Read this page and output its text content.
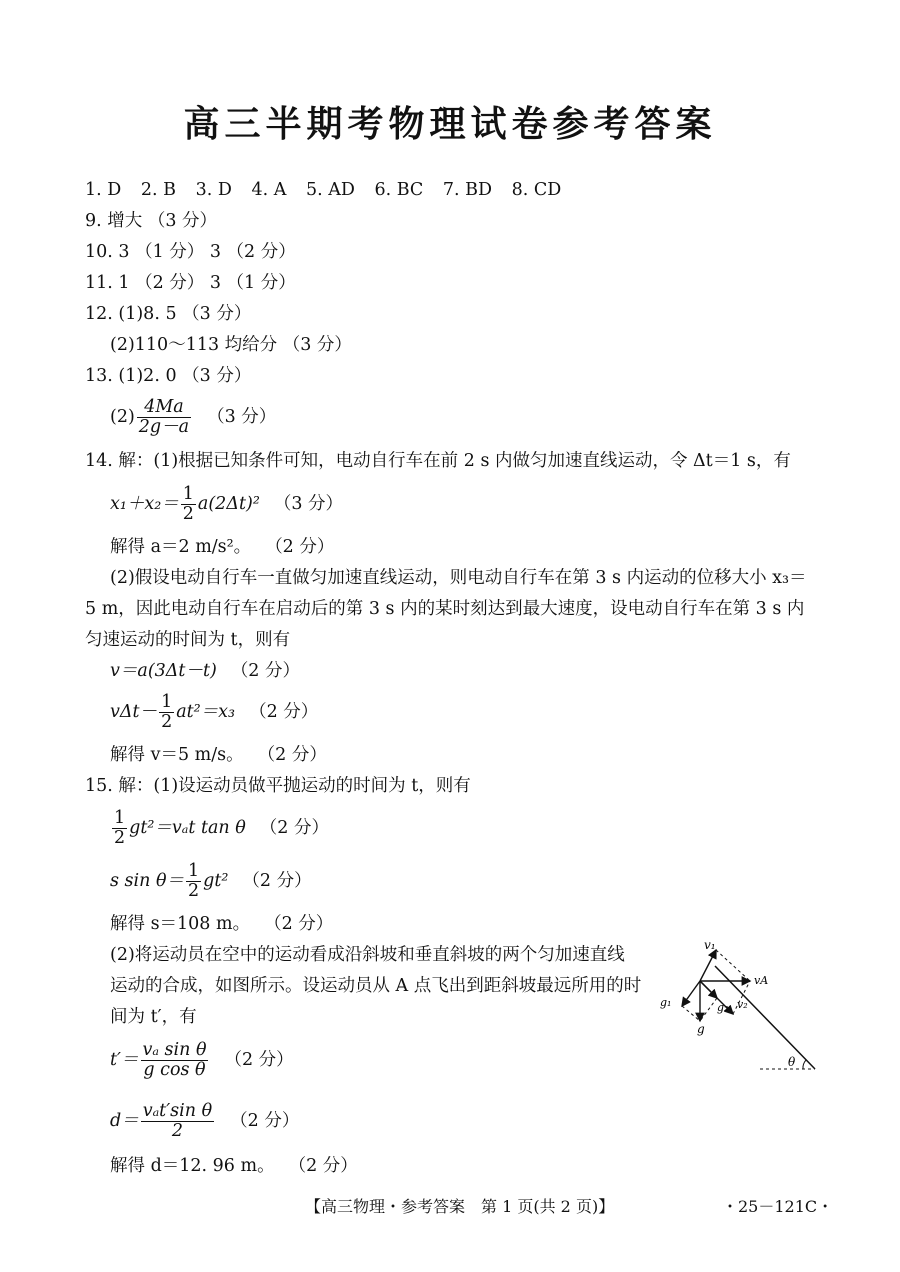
高三半期考物理试卷参考答案
1. D 2. B 3. D 4. A 5. AD 6. BC 7. BD 8. CD
9. 增大 （3 分）
10. 3 （1 分） 3 （2 分）
11. 1 （2 分） 3 （1 分）
12. (1)8. 5 （3 分）
(2)110～113 均给分 （3 分）
13. (1)2. 0 （3 分）
$(2) \frac{4Ma}{2g-a} (3$ 分）
14. 解：(1)根据已知条件可知，电动自行车在前 2 s 内做匀加速直线运动，令 Δt＝1 s，有
$x_1+x_2= \frac{1}{2} a(2\Delta t)^2$ （3 分）
解得 a＝2 m/s²。 （2 分）
(2)假设电动自行车一直做匀加速直线运动，则电动自行车在第 3 s 内运动的位移大小 x₃＝
5 m，因此电动自行车在启动后的第 3 s 内的某时刻达到最大速度，设电动自行车在第 3 s 内
匀速运动的时间为 t，则有
v＝a(3Δt－t) （2 分）
$v\Delta t- \frac{1}{2} at^2=x_3$ （2 分）
解得 v＝5 m/s。 （2 分）
15. 解：(1)设运动员做平抛运动的时间为 t，则有
$\frac{1}{2} gt^2=v_at$ tan θ （2 分）
s $\sin \theta= \frac{1}{2} gt^2$ （2 分）
解得 s＝108 m。 （2 分）
(2)将运动员在空中的运动看成沿斜坡和垂直斜坡的两个匀加速直线
运动的合成，如图所示。设运动员从 A 点飞出到距斜坡最远所用的时
间为 t′，有
$t'= \frac{\text{vₐ sin θ}}{\text{g cos θ}} (2$ 分）
$d= \frac{\text{vₐt′sin θ}}{2} (2$ 分）
解得 d＝12. 96 m。 （2 分）
v₁
vA
g₁	g₂ v₂
g
θ
【高三物理・参考答案　第 1 页(共 2 页)】	・25－121C・
